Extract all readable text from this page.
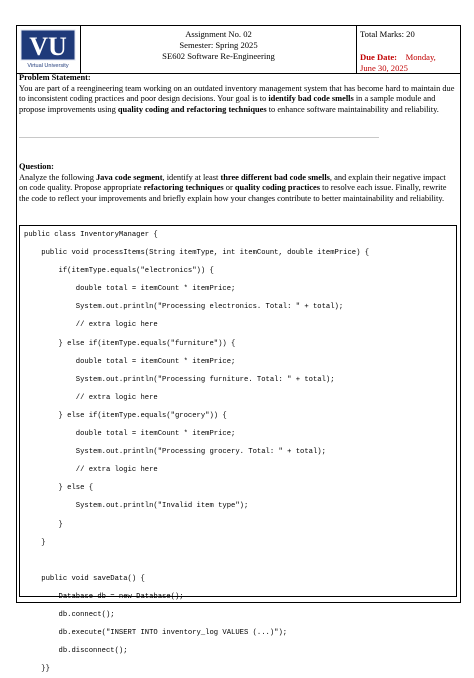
VU
Virtual University
Assignment No. 02
Semester: Spring 2025
SE602 Software Re-Engineering
Total Marks: 20
Due Date: Monday,
June 30, 2025
Problem Statement:
You are part of a reengineering team working on an outdated inventory management system that has become hard to maintain due to inconsistent coding practices and poor design decisions. Your goal is to identify bad code smells in a sample module and propose improvements using quality coding and refactoring techniques to enhance software maintainability and reliability.
Question:
Analyze the following Java code segment, identify at least three different bad code smells, and explain their negative impact on code quality. Propose appropriate refactoring techniques or quality coding practices to resolve each issue. Finally, rewrite the code to reflect your improvements and briefly explain how your changes contribute to better maintainability and reliability.
public class InventoryManager {
public void processItems(String itemType, int itemCount, double itemPrice) {
if(itemType.equals("electronics")) {
double total = itemCount * itemPrice;
System.out.println("Processing electronics. Total: " + total);
// extra logic here
} else if(itemType.equals("furniture")) {
double total = itemCount * itemPrice;
System.out.println("Processing furniture. Total: " + total);
// extra logic here
} else if(itemType.equals("grocery")) {
double total = itemCount * itemPrice;
System.out.println("Processing grocery. Total: " + total);
// extra logic here
} else {
System.out.println("Invalid item type");
}
}

public void saveData() {
Database db = new Database();
db.connect();
db.execute("INSERT INTO inventory_log VALUES (...)");
db.disconnect();
}}
